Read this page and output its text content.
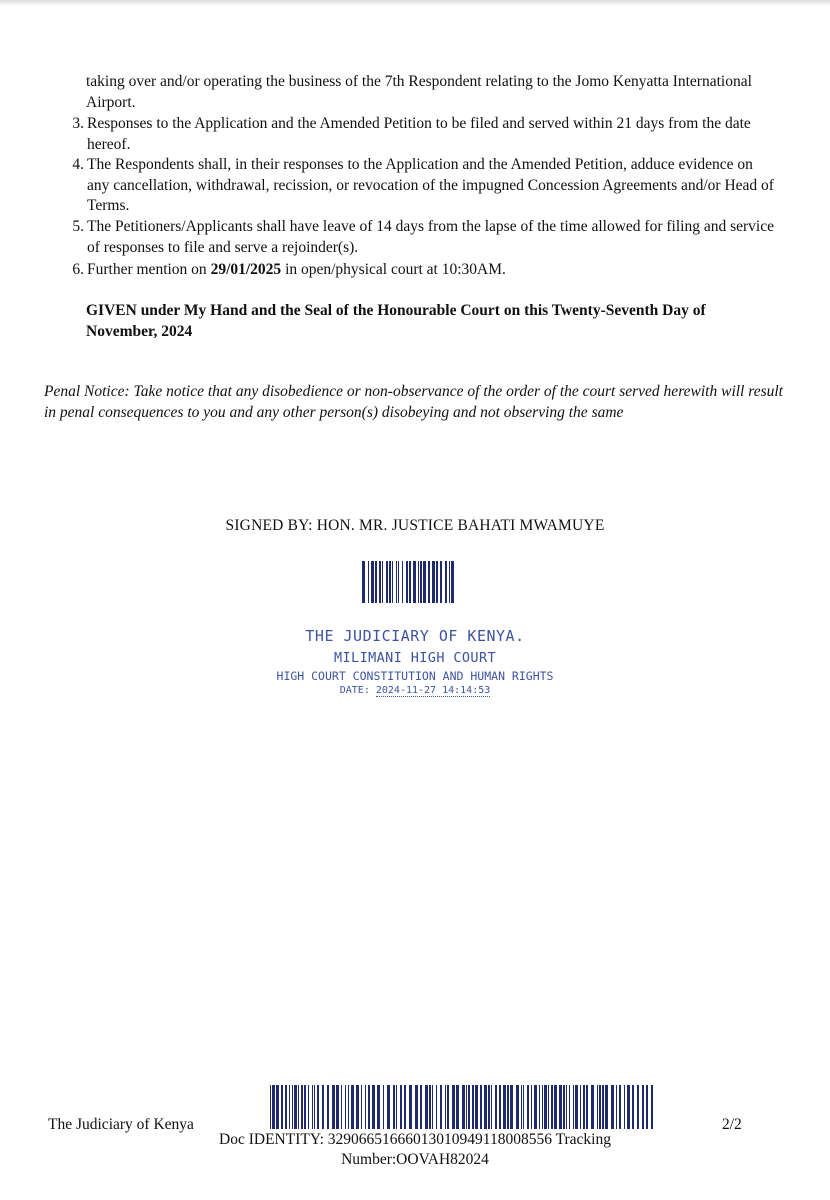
taking over and/or operating the business of the 7th Respondent relating to the Jomo Kenyatta International Airport.
3. Responses to the Application and the Amended Petition to be filed and served within 21 days from the date hereof.
4. The Respondents shall, in their responses to the Application and the Amended Petition, adduce evidence on any cancellation, withdrawal, recission, or revocation of the impugned Concession Agreements and/or Head of Terms.
5. The Petitioners/Applicants shall have leave of 14 days from the lapse of the time allowed for filing and service of responses to file and serve a rejoinder(s).
6. Further mention on 29/01/2025 in open/physical court at 10:30AM.
GIVEN under My Hand and the Seal of the Honourable Court on this Twenty-Seventh Day of November, 2024
Penal Notice: Take notice that any disobedience or non-observance of the order of the court served herewith will result in penal consequences to you and any other person(s) disobeying and not observing the same
SIGNED BY: HON. MR. JUSTICE BAHATI MWAMUYE
THE JUDICIARY OF KENYA.
MILIMANI HIGH COURT
HIGH COURT CONSTITUTION AND HUMAN RIGHTS
DATE: 2024-11-27 14:14:53
The Judiciary of Kenya
Doc IDENTITY: 3290665166601301094911800855​6 Tracking
Number:OOVAH82024
2/2
